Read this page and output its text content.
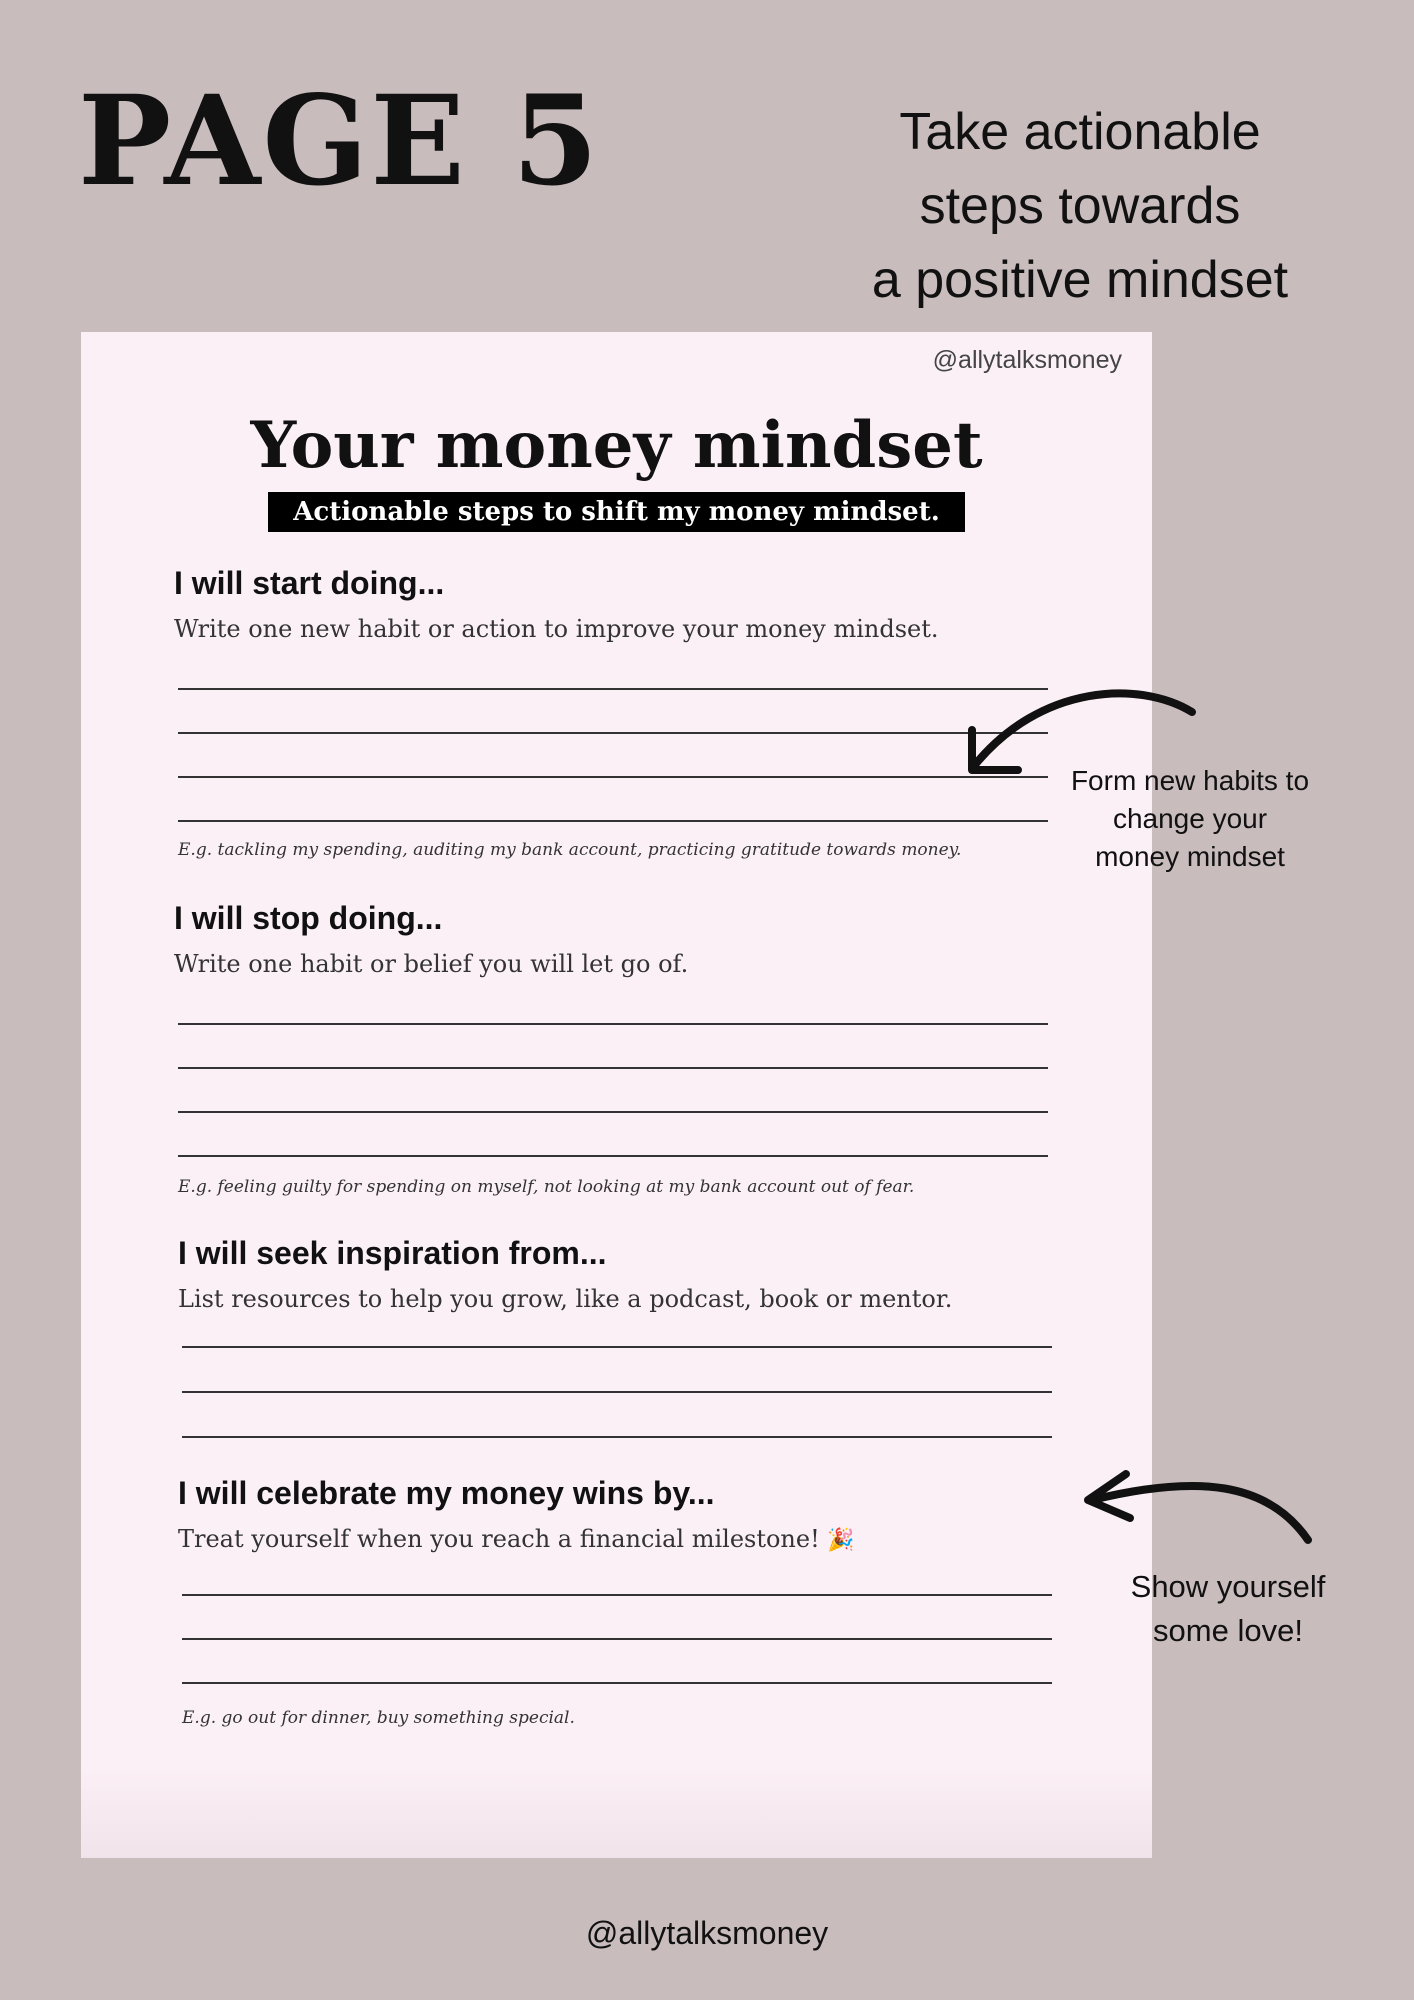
PAGE 5	Take actionable
steps towards
a positive mindset
@allytalksmoney
Your money mindset
Actionable steps to shift my money mindset.
I will start doing...
Write one new habit or action to improve your money mindset.
E.g. tackling my spending, auditing my bank account, practicing gratitude towards money.
I will stop doing...
Write one habit or belief you will let go of.
E.g. feeling guilty for spending on myself, not looking at my bank account out of fear.
I will seek inspiration from...
List resources to help you grow, like a podcast, book or mentor.
I will celebrate my money wins by...
Treat yourself when you reach a financial milestone! 🎉
E.g. go out for dinner, buy something special.
Form new habits to
change your
money mindset
Show yourself
some love!
@allytalksmoney
